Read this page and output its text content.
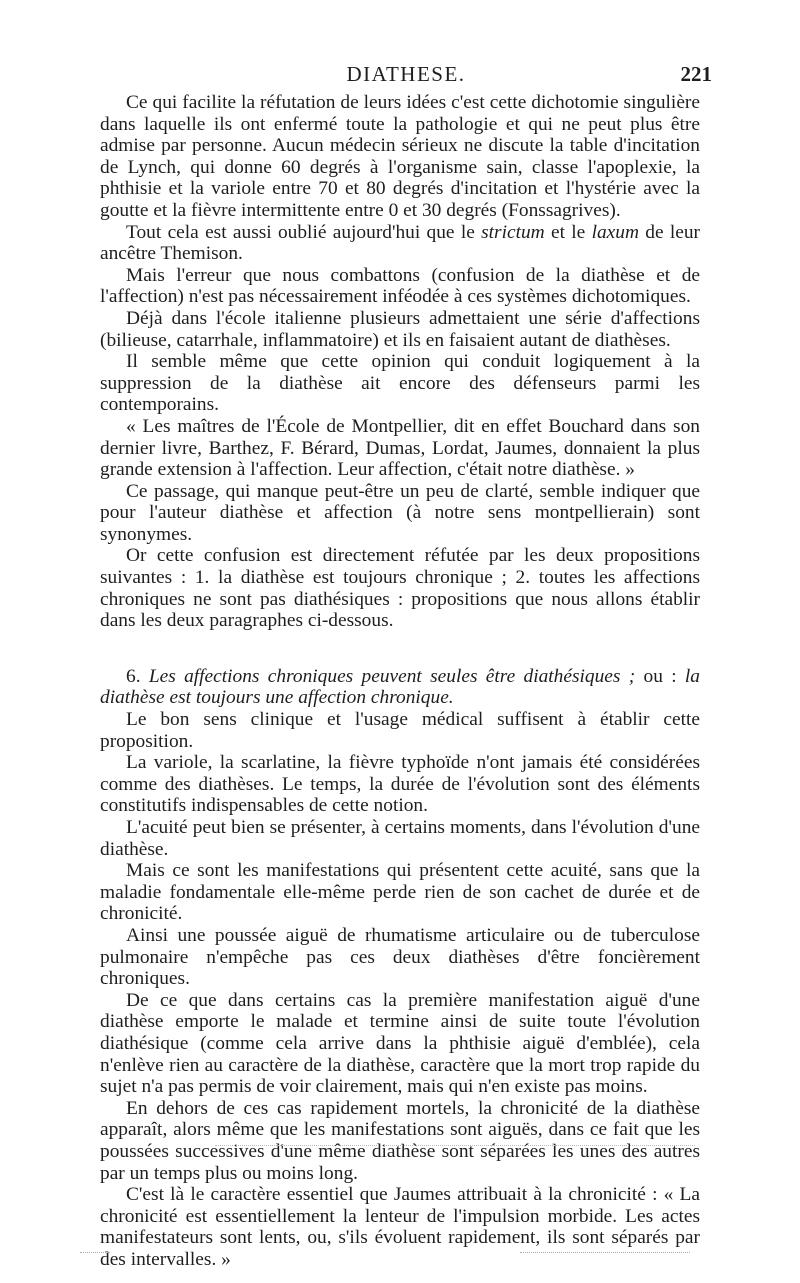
DIATHESE.	221

Ce qui facilite la réfutation de leurs idées c'est cette dichotomie singulière dans laquelle ils ont enfermé toute la pathologie et qui ne peut plus être admise par personne. Aucun médecin sérieux ne discute la table d'incitation de Lynch, qui donne 60 degrés à l'organisme sain, classe l'apoplexie, la phthisie et la variole entre 70 et 80 degrés d'incitation et l'hystérie avec la goutte et la fièvre intermittente entre 0 et 30 degrés (Fonssagrives).

Tout cela est aussi oublié aujourd'hui que le strictum et le laxum de leur ancêtre Themison.

Mais l'erreur que nous combattons (confusion de la diathèse et de l'affection) n'est pas nécessairement inféodée à ces systèmes dichotomiques.

Déjà dans l'école italienne plusieurs admettaient une série d'affections (bilieuse, catarrhale, inflammatoire) et ils en faisaient autant de diathèses.

Il semble même que cette opinion qui conduit logiquement à la suppression de la diathèse ait encore des défenseurs parmi les contemporains.

« Les maîtres de l'École de Montpellier, dit en effet Bouchard dans son dernier livre, Barthez, F. Bérard, Dumas, Lordat, Jaumes, donnaient la plus grande extension à l'affection. Leur affection, c'était notre diathèse. »

Ce passage, qui manque peut-être un peu de clarté, semble indiquer que pour l'auteur diathèse et affection (à notre sens montpellierain) sont synonymes.

Or cette confusion est directement réfutée par les deux propositions suivantes : 1. la diathèse est toujours chronique ; 2. toutes les affections chroniques ne sont pas diathésiques : propositions que nous allons établir dans les deux paragraphes ci-dessous.

6. Les affections chroniques peuvent seules être diathésiques ; ou : la diathèse est toujours une affection chronique.

Le bon sens clinique et l'usage médical suffisent à établir cette proposition.

La variole, la scarlatine, la fièvre typhoïde n'ont jamais été considérées comme des diathèses. Le temps, la durée de l'évolution sont des éléments constitutifs indispensables de cette notion.

L'acuité peut bien se présenter, à certains moments, dans l'évolution d'une diathèse.

Mais ce sont les manifestations qui présentent cette acuité, sans que la maladie fondamentale elle-même perde rien de son cachet de durée et de chronicité.

Ainsi une poussée aiguë de rhumatisme articulaire ou de tuberculose pulmonaire n'empêche pas ces deux diathèses d'être foncièrement chroniques.

De ce que dans certains cas la première manifestation aiguë d'une diathèse emporte le malade et termine ainsi de suite toute l'évolution diathésique (comme cela arrive dans la phthisie aiguë d'emblée), cela n'enlève rien au caractère de la diathèse, caractère que la mort trop rapide du sujet n'a pas permis de voir clairement, mais qui n'en existe pas moins.

En dehors de ces cas rapidement mortels, la chronicité de la diathèse apparaît, alors même que les manifestations sont aiguës, dans ce fait que les poussées successives d'une même diathèse sont séparées les unes des autres par un temps plus ou moins long.

C'est là le caractère essentiel que Jaumes attribuait à la chronicité : « La chronicité est essentiellement la lenteur de l'impulsion morbide. Les actes manifestateurs sont lents, ou, s'ils évoluent rapidement, ils sont séparés par des intervalles. »
